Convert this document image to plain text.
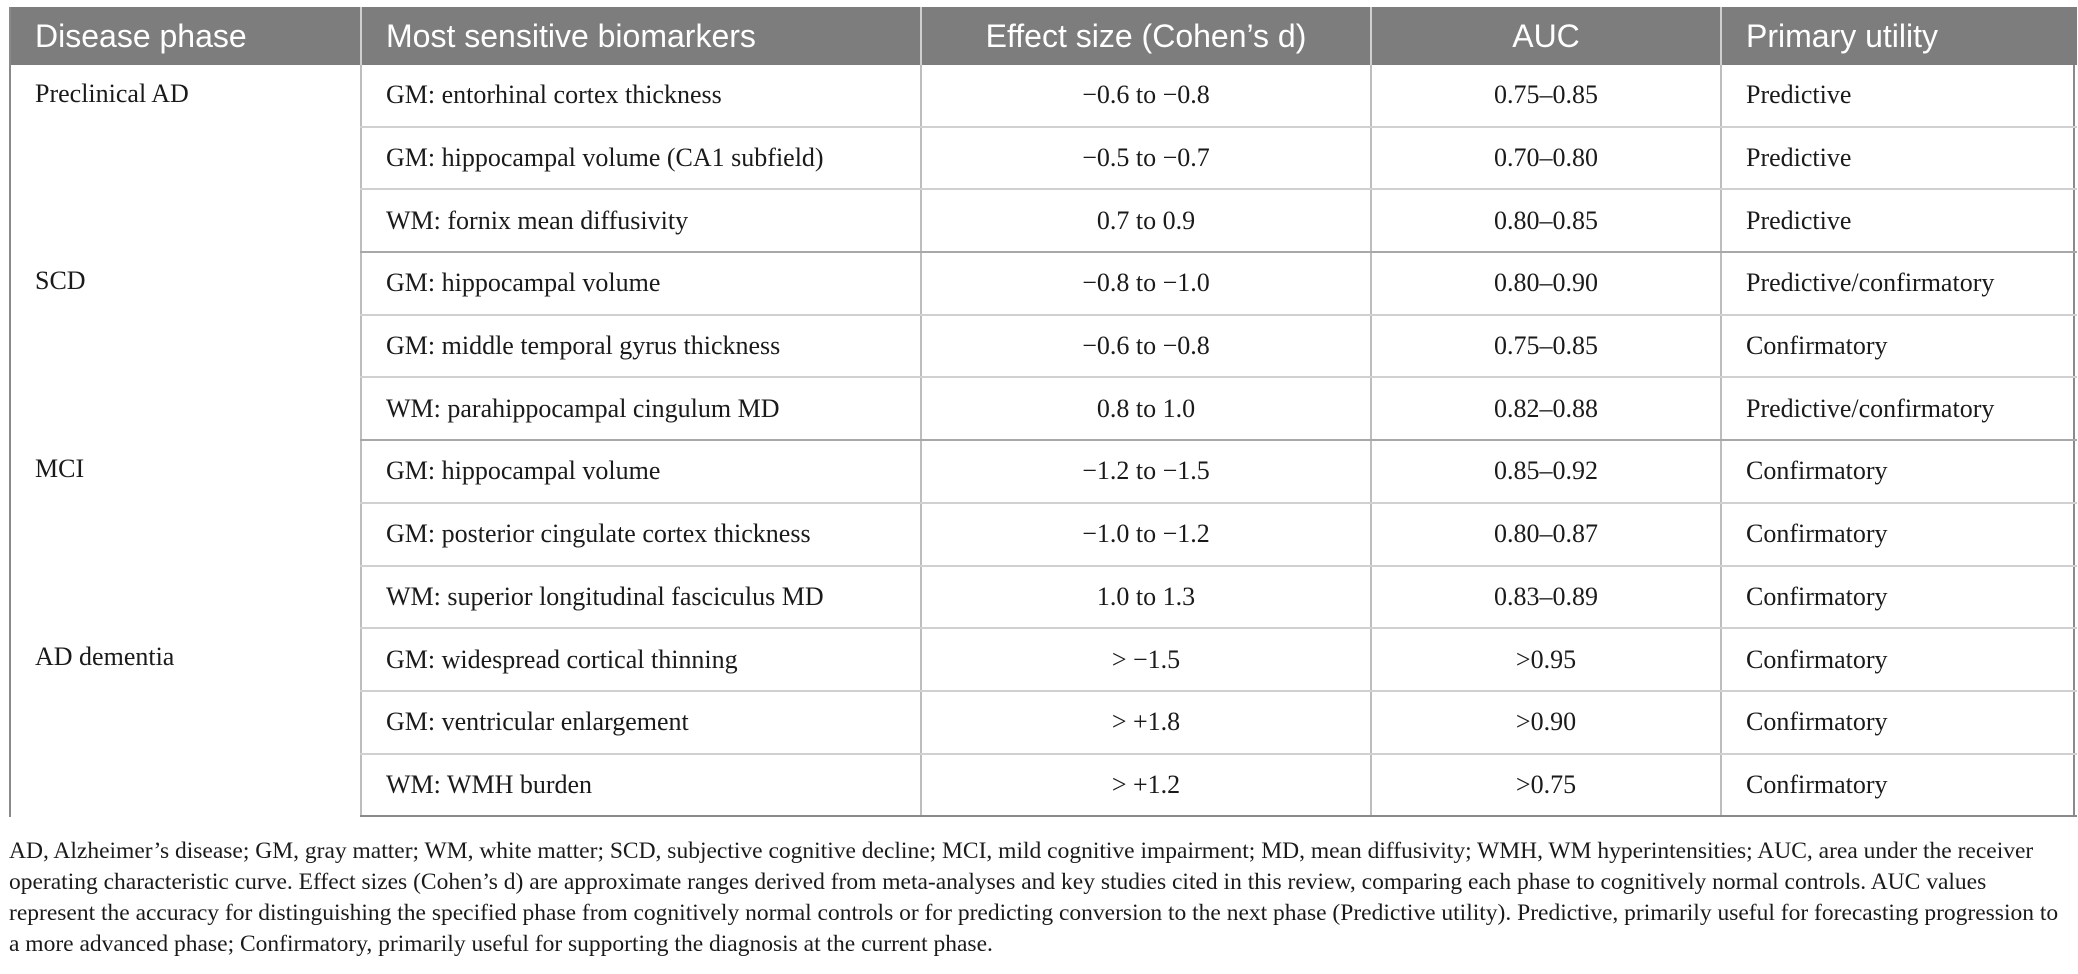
Disease phase	Most sensitive biomarkers	Effect size (Cohen’s d)	AUC	Primary utility
Preclinical AD	GM: entorhinal cortex thickness	−0.6 to −0.8	0.75–0.85	Predictive
	GM: hippocampal volume (CA1 subfield)	−0.5 to −0.7	0.70–0.80	Predictive
	WM: fornix mean diffusivity	0.7 to 0.9	0.80–0.85	Predictive
SCD	GM: hippocampal volume	−0.8 to −1.0	0.80–0.90	Predictive/confirmatory
	GM: middle temporal gyrus thickness	−0.6 to −0.8	0.75–0.85	Confirmatory
	WM: parahippocampal cingulum MD	0.8 to 1.0	0.82–0.88	Predictive/confirmatory
MCI	GM: hippocampal volume	−1.2 to −1.5	0.85–0.92	Confirmatory
	GM: posterior cingulate cortex thickness	−1.0 to −1.2	0.80–0.87	Confirmatory
	WM: superior longitudinal fasciculus MD	1.0 to 1.3	0.83–0.89	Confirmatory
AD dementia	GM: widespread cortical thinning	> −1.5	>0.95	Confirmatory
	GM: ventricular enlargement	> +1.8	>0.90	Confirmatory
	WM: WMH burden	> +1.2	>0.75	Confirmatory

AD, Alzheimer’s disease; GM, gray matter; WM, white matter; SCD, subjective cognitive decline; MCI, mild cognitive impairment; MD, mean diffusivity; WMH, WM hyperintensities; AUC, area under the receiver operating characteristic curve. Effect sizes (Cohen’s d) are approximate ranges derived from meta-analyses and key studies cited in this review, comparing each phase to cognitively normal controls. AUC values represent the accuracy for distinguishing the specified phase from cognitively normal controls or for predicting conversion to the next phase (Predictive utility). Predictive, primarily useful for forecasting progression to a more advanced phase; Confirmatory, primarily useful for supporting the diagnosis at the current phase.
